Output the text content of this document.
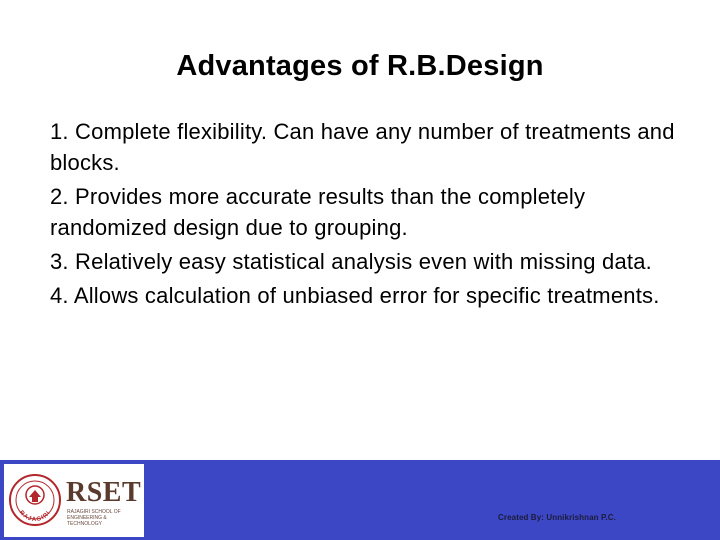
Advantages of R.B.Design
1. Complete flexibility. Can have any number of treatments and blocks.
2. Provides more accurate results than the completely randomized design due to grouping.
3. Relatively easy statistical analysis even with missing data.
4. Allows calculation of unbiased error for specific treatments.
RAJAGIRI
RSET
RAJAGIRI SCHOOL OF ENGINEERING & TECHNOLOGY
Created By: Unnikrishnan P.C.
